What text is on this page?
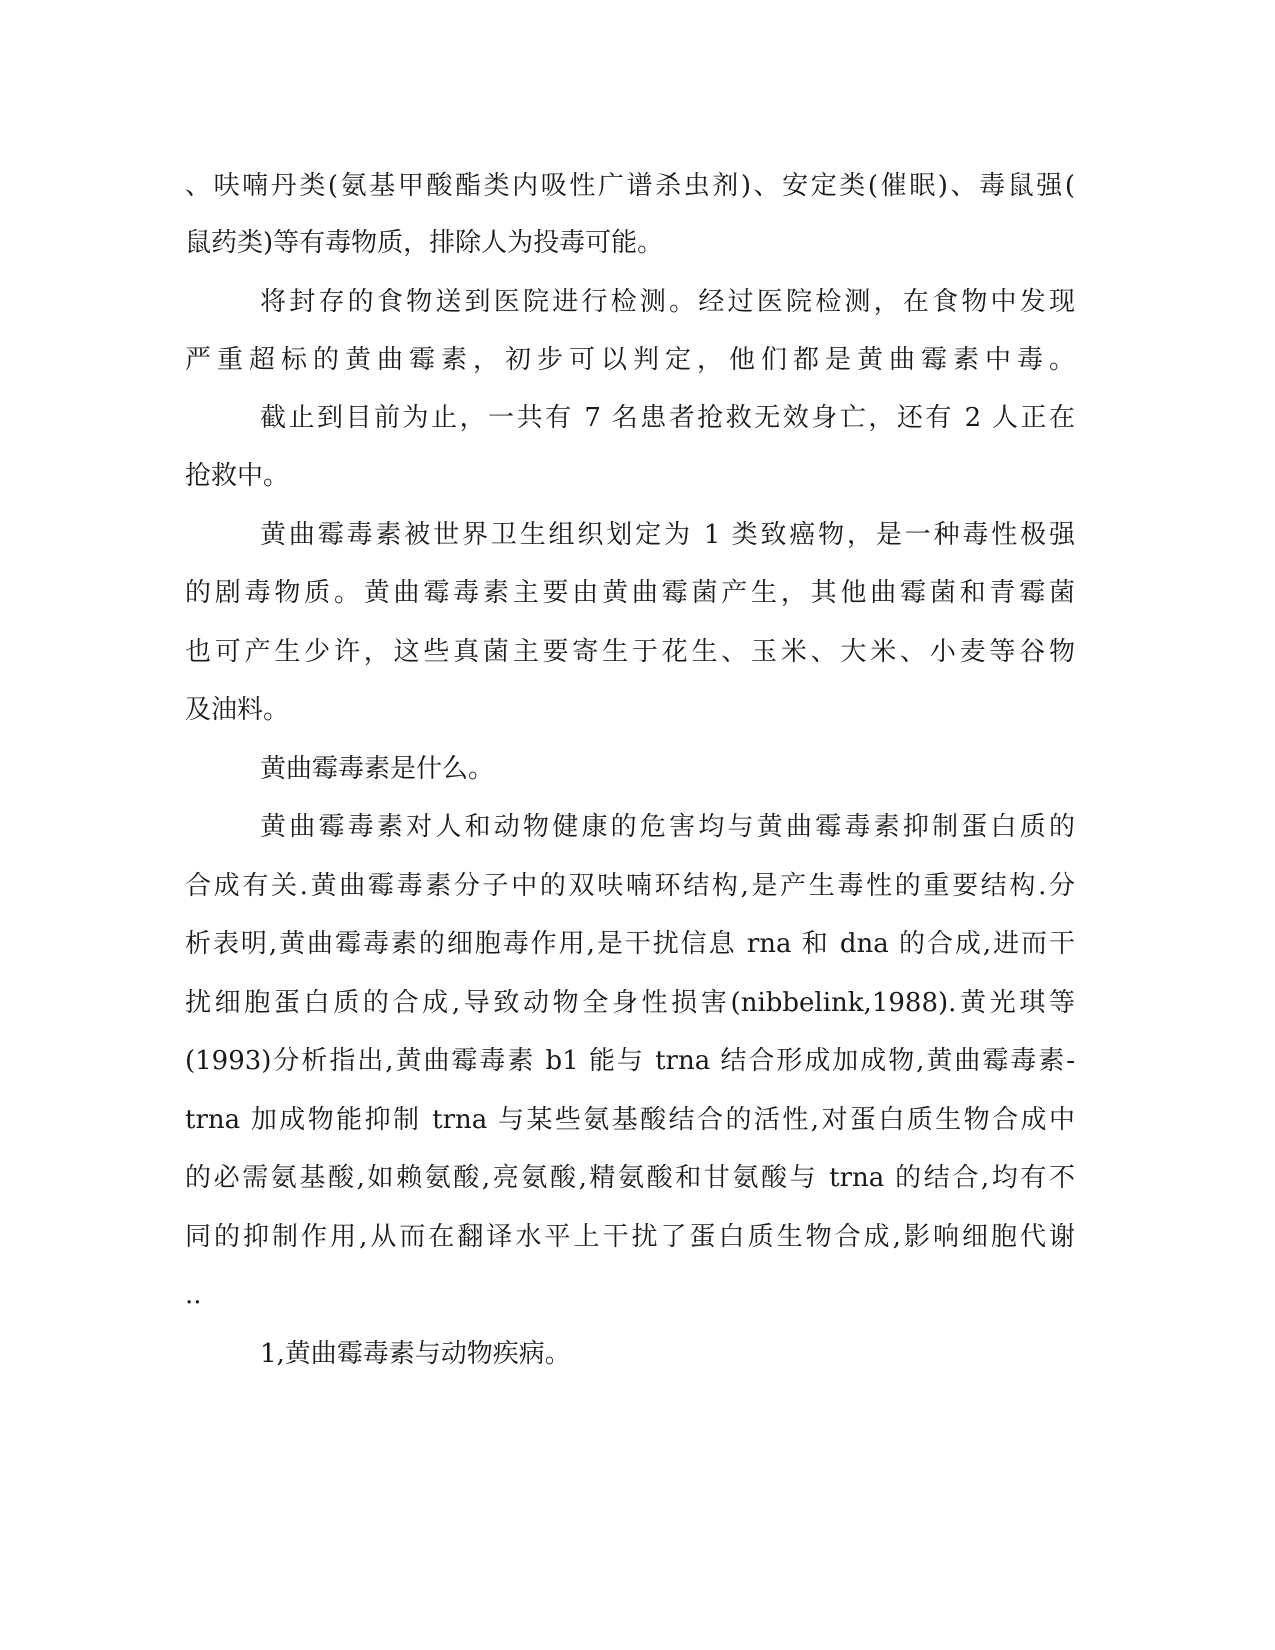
、呋喃丹类(氨基甲酸酯类内吸性广谱杀虫剂)、安定类(催眠)、毒鼠强(
鼠药类)等有毒物质，排除人为投毒可能。
将封存的食物送到医院进行检测。经过医院检测，在食物中发现
严重超标的黄曲霉素，初步可以判定，他们都是黄曲霉素中毒。
截止到目前为止，一共有 7 名患者抢救无效身亡，还有 2 人正在
抢救中。
黄曲霉毒素被世界卫生组织划定为 1 类致癌物，是一种毒性极强
的剧毒物质。黄曲霉毒素主要由黄曲霉菌产生，其他曲霉菌和青霉菌
也可产生少许，这些真菌主要寄生于花生、玉米、大米、小麦等谷物
及油料。
黄曲霉毒素是什么。
黄曲霉毒素对人和动物健康的危害均与黄曲霉毒素抑制蛋白质的
合成有关.黄曲霉毒素分子中的双呋喃环结构,是产生毒性的重要结构.分
析表明,黄曲霉毒素的细胞毒作用,是干扰信息 rna 和 dna 的合成,进而干
扰细胞蛋白质的合成,导致动物全身性损害(nibbelink,1988).黄光琪等
(1993)分析指出,黄曲霉毒素 b1 能与 trna 结合形成加成物,黄曲霉毒素-
trna 加成物能抑制 trna 与某些氨基酸结合的活性,对蛋白质生物合成中
的必需氨基酸,如赖氨酸,亮氨酸,精氨酸和甘氨酸与 trna 的结合,均有不
同的抑制作用,从而在翻译水平上干扰了蛋白质生物合成,影响细胞代谢
..
1,黄曲霉毒素与动物疾病。
